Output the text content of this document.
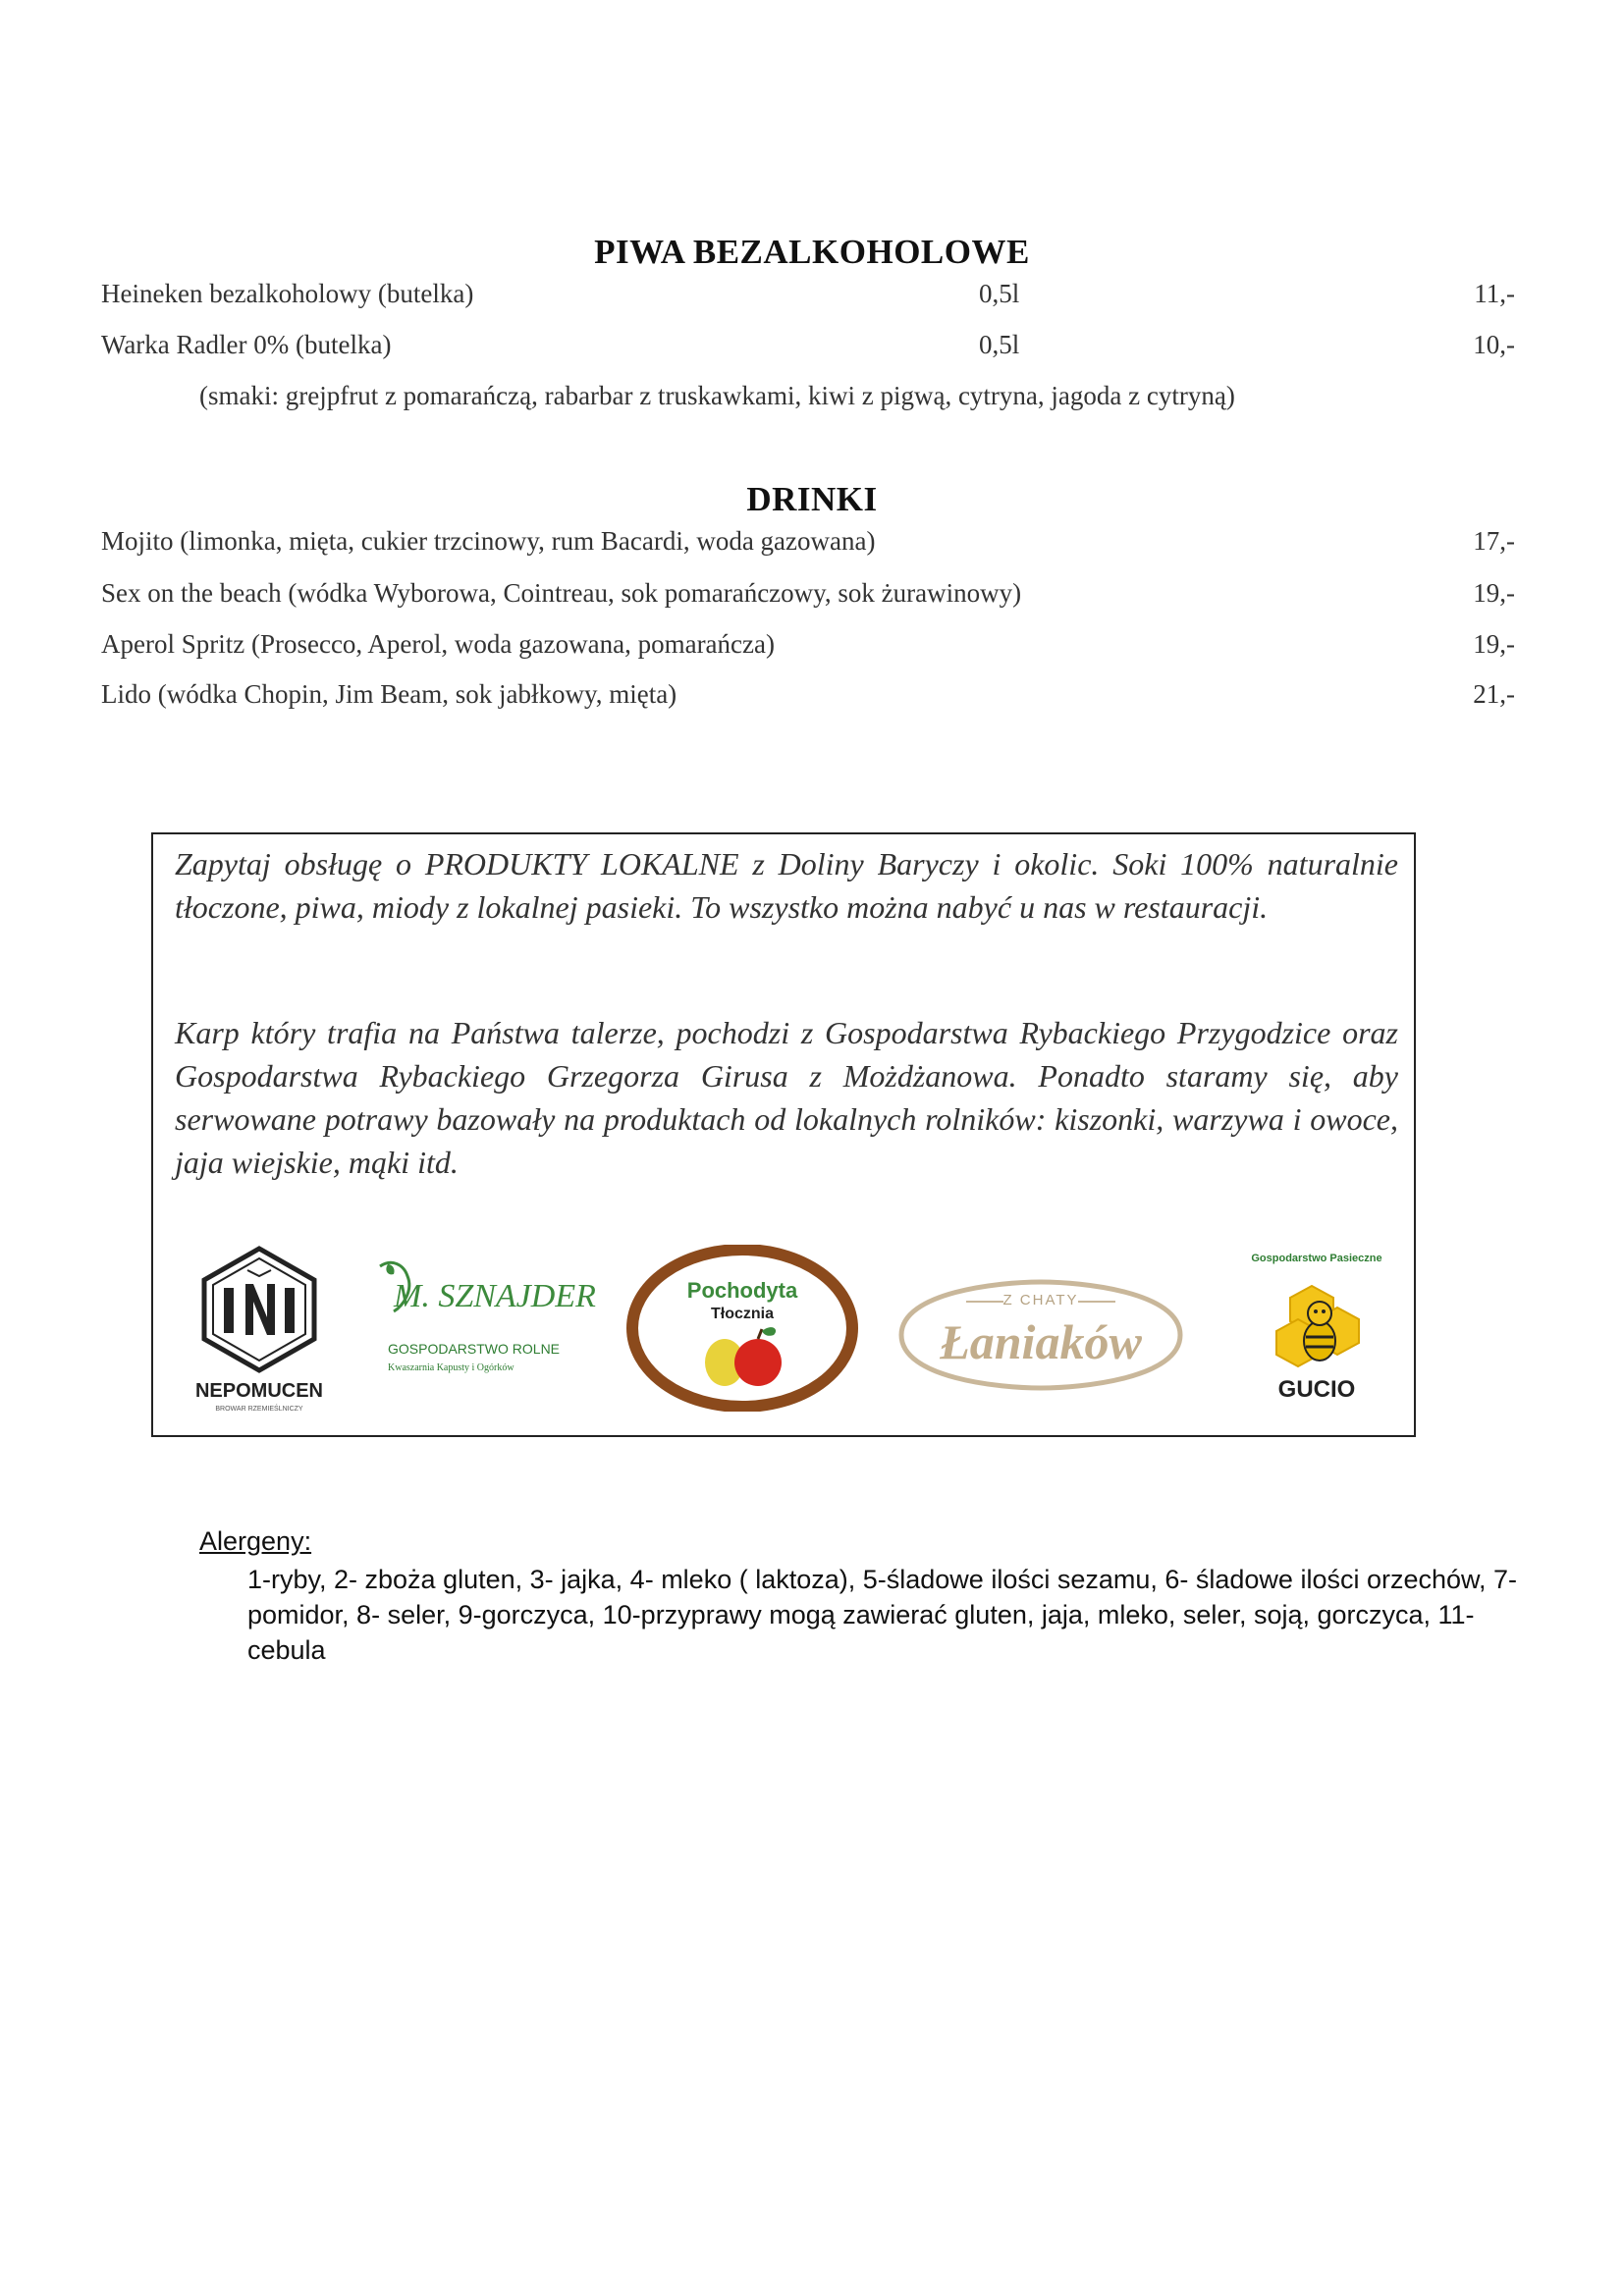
PIWA BEZALKOHOLOWE
Heineken bezalkoholowy (butelka)	0,5l	11,-
Warka Radler 0% (butelka)	0,5l	10,-
(smaki: grejpfrut z pomarańczą, rabarbar z truskawkami, kiwi z pigwą, cytryna, jagoda z cytryną)
DRINKI
Mojito (limonka, mięta, cukier trzcinowy, rum Bacardi, woda gazowana)	17,-
Sex on the beach (wódka Wyborowa, Cointreau, sok pomarańczowy, sok żurawinowy)	19,-
Aperol Spritz (Prosecco, Aperol, woda gazowana, pomarańcza)	19,-
Lido (wódka Chopin, Jim Beam, sok jabłkowy, mięta)	21,-

Zapytaj obsługę o PRODUKTY LOKALNE z Doliny Baryczy i okolic. Soki 100% naturalnie tłoczone, piwa, miody z lokalnej pasieki. To wszystko można nabyć u nas w restauracji.

Karp który trafia na Państwa talerze, pochodzi z Gospodarstwa Rybackiego Przygodzice oraz Gospodarstwa Rybackiego Grzegorza Girusa z Możdżanowa. Ponadto staramy się, aby serwowane potrawy bazowały na produktach od lokalnych rolników: kiszonki, warzywa i owoce, jaja wiejskie, mąki itd.

NEPOMUCEN
BROWAR RZEMIEŚLNICZY
M. SZNAJDER
GOSPODARSTWO ROLNE
Kwaszarnia Kapusty i Ogórków
Pochodyta
Tłocznia
Z CHATY
Łaniaków
Gospodarstwo Pasieczne
GUCIO
Alergeny:
1-ryby, 2- zboża gluten, 3- jajka, 4- mleko ( laktoza), 5-śladowe ilości sezamu, 6- śladowe ilości orzechów, 7- pomidor, 8- seler, 9-gorczyca, 10-przyprawy mogą zawierać gluten, jaja, mleko, seler, soją, gorczyca, 11- cebula
